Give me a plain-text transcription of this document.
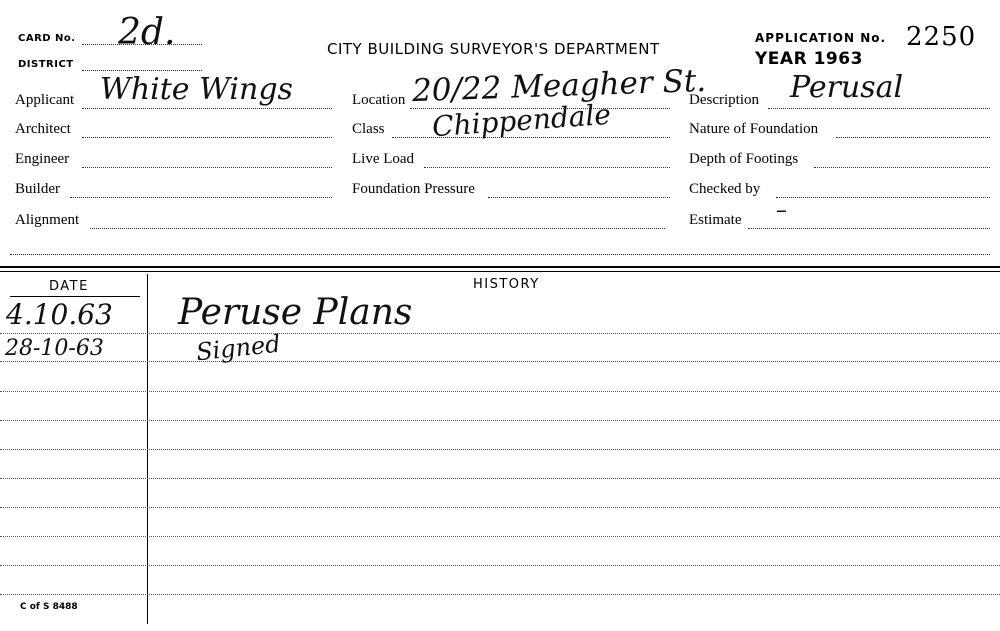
CARD No. 2d.
DISTRICT
CITY BUILDING SURVEYOR'S DEPARTMENT
APPLICATION No. 2250
YEAR 1963
Applicant White Wings
Architect
Engineer
Builder
Alignment
Location 20/22 Meagher St.
Class Chippendale
Live Load
Foundation Pressure
Description Perusal
Nature of Foundation
Depth of Footings
Checked by
Estimate –
DATE	HISTORY
4.10.63 Peruse Plans
28-10-63	Signed
C of S 8488
